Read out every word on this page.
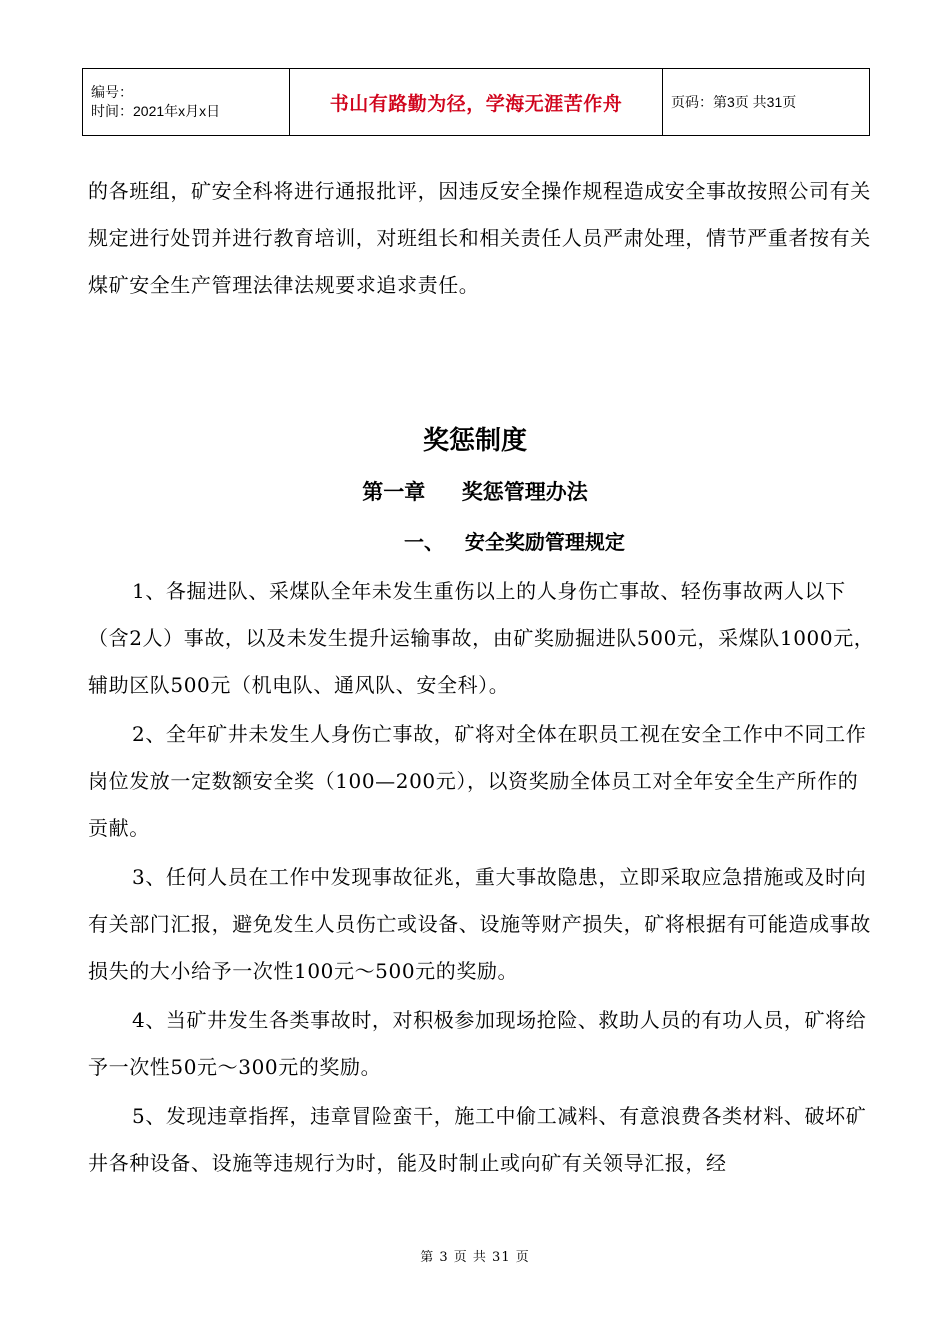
编号：
时间：2021年x月x日	书山有路勤为径，学海无涯苦作舟	页码：第3页 共31页

的各班组，矿安全科将进行通报批评，因违反安全操作规程造成安全事故按照公司有关规定进行处罚并进行教育培训，对班组长和相关责任人员严肃处理，情节严重者按有关煤矿安全生产管理法律法规要求追求责任。

奖惩制度
第一章     奖惩管理办法
一、   安全奖励管理规定

1、各掘进队、采煤队全年未发生重伤以上的人身伤亡事故、轻伤事故两人以下（含2人）事故，以及未发生提升运输事故，由矿奖励掘进队500元，采煤队1000元，辅助区队500元（机电队、通风队、安全科）。

2、全年矿井未发生人身伤亡事故，矿将对全体在职员工视在安全工作中不同工作岗位发放一定数额安全奖（100—200元），以资奖励全体员工对全年安全生产所作的贡献。

3、任何人员在工作中发现事故征兆，重大事故隐患，立即采取应急措施或及时向有关部门汇报，避免发生人员伤亡或设备、设施等财产损失，矿将根据有可能造成事故损失的大小给予一次性100元～500元的奖励。

4、当矿井发生各类事故时，对积极参加现场抢险、救助人员的有功人员，矿将给予一次性50元～300元的奖励。

5、发现违章指挥，违章冒险蛮干，施工中偷工减料、有意浪费各类材料、破坏矿井各种设备、设施等违规行为时，能及时制止或向矿有关领导汇报，经

第 3 页 共 31 页
